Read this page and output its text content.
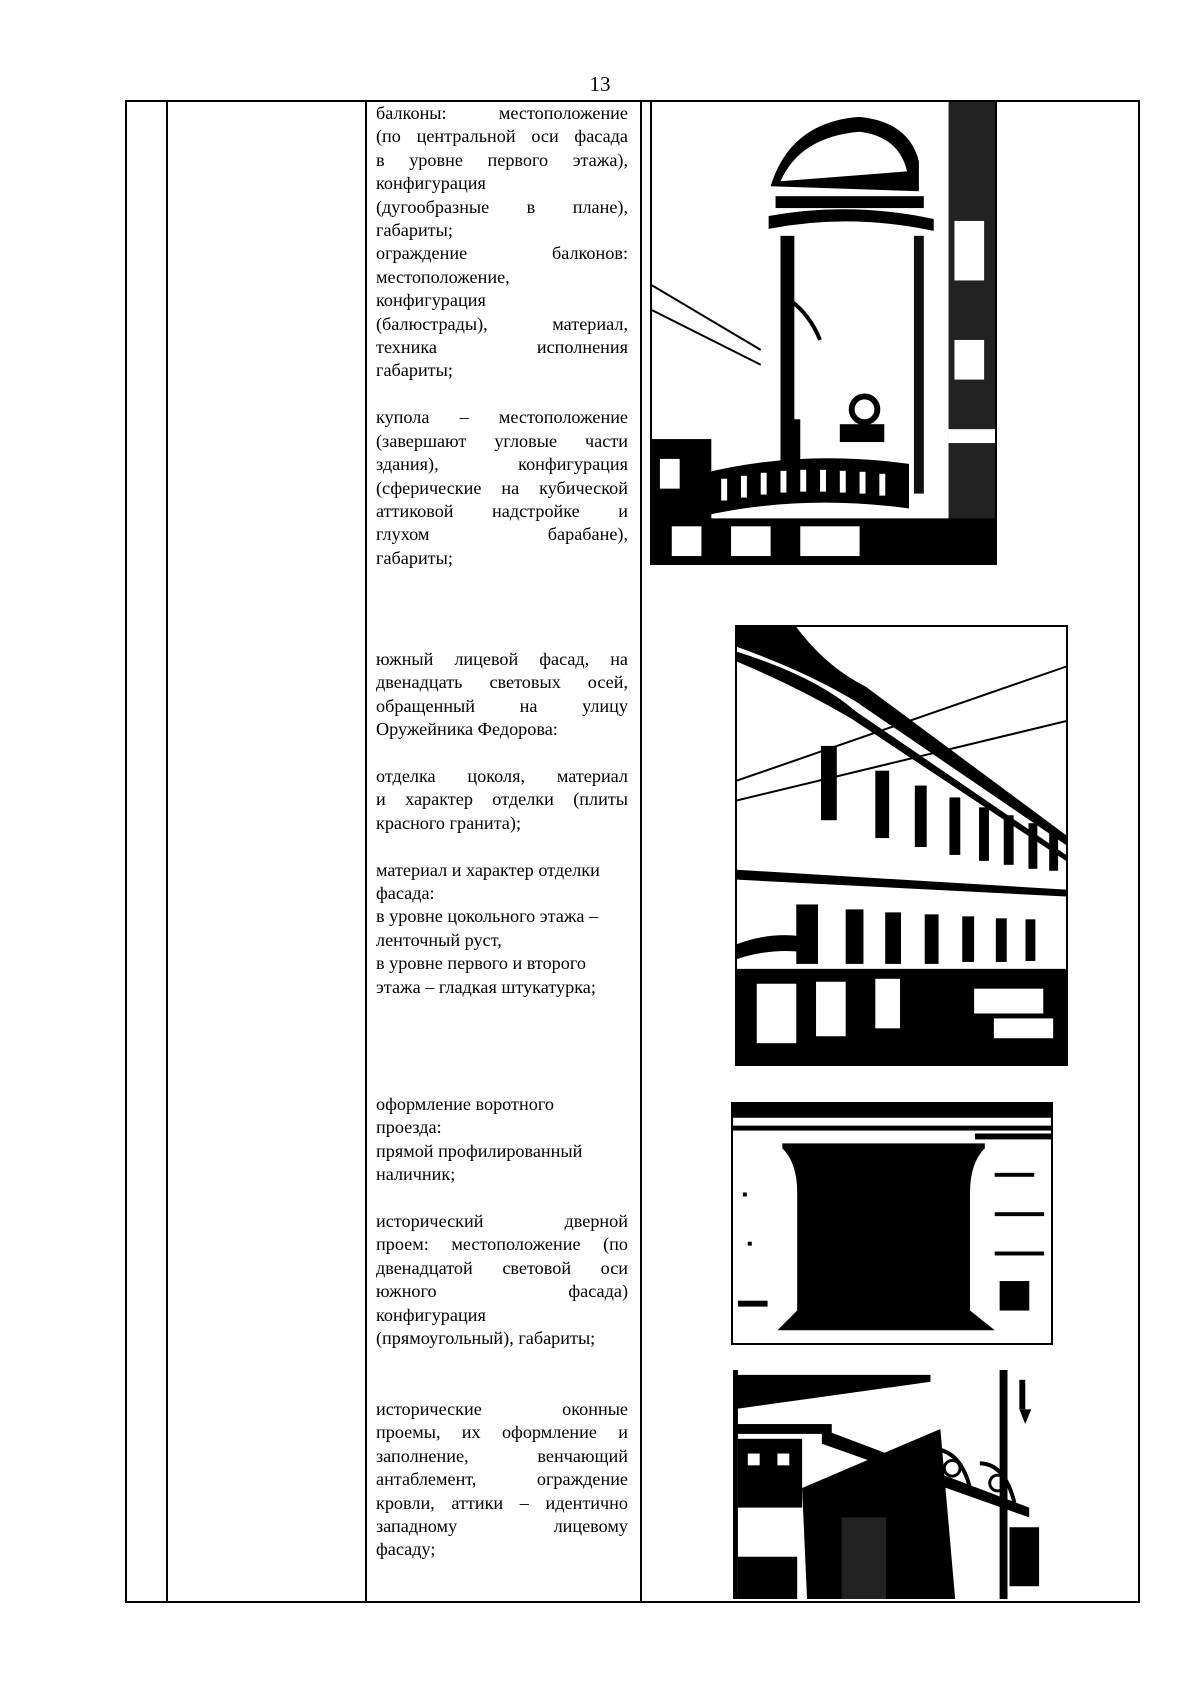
13

балконы: местоположение

(по центральной оси фасада

в уровне первого этажа),

конфигурация

(дугообразные в плане),

габариты;

ограждение балконов:

местоположение,

конфигурация

(балюстрады), материал,

техника исполнения

габариты;

купола – местоположение

(завершают угловые части

здания), конфигурация

(сферические на кубической

аттиковой надстройке и

глухом барабане),

габариты;

южный лицевой фасад, на

двенадцать световых осей,

обращенный на улицу

Оружейника Федорова:

отделка цоколя, материал

и характер отделки (плиты

красного гранита);

материал и характер отделки

фасада:

в уровне цокольного этажа –

ленточный руст,

в уровне первого и второго

этажа – гладкая штукатурка;

оформление воротного

проезда:

прямой профилированный

наличник;

исторический дверной

проем: местоположение (по

двенадцатой световой оси

южного фасада)

конфигурация

(прямоугольный), габариты;

исторические оконные

проемы, их оформление и

заполнение, венчающий

антаблемент, ограждение

кровли, аттики – идентично

западному лицевому

фасаду;
